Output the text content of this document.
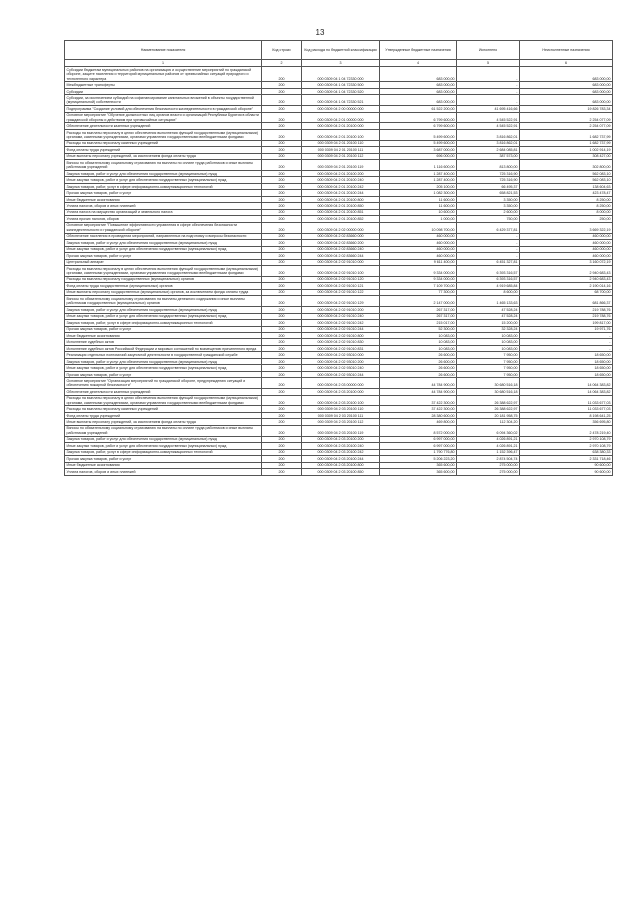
13
Наименование показателя	Код строки	Код расхода по бюджетной классификации	Утвержденные бюджетные назначения	Исполнено	Неисполненные назначения
1	2	3	4	5	6
Субсидии бюджетам муниципальных районов на организацию и осуществление мероприятий по гражданской обороне, защите населения и территорий муниципальных районов от чрезвычайных ситуаций природного и техногенного характера	200	000 0309 04 1 04 72330 000	683 000,00	-	683 000,00
Межбюджетные трансферты	200	000 0309 04 1 04 72330 500	683 000,00	-	683 000,00
Субсидии	200	000 0309 04 1 04 72330 520	683 000,00	-	683 000,00
Субсидии, за исключением субсидий на софинансирование капитальных вложений в объекты государственной (муниципальной) собственности	200	000 0309 04 1 04 72330 521	683 000,00	-	683 000,00
Подпрограмма "Создание условий для обеспечения безопасности жизнедеятельности в гражданской обороне"	200	000 0309 04 2 00 00000 000	61 522 200,00	41 695 416,66	19 826 783,34
Основное мероприятие "Обучение должностных лиц органов власти и организаций Республики Бурятия в области гражданской обороны и действиям при чрезвычайных ситуациях"	200	000 0309 04 2 01 00000 000	6 799 600,00	4 545 522,91	2 254 077,09
Обеспечение деятельности казенных учреждений	200	000 0309 04 2 01 20100 000	6 799 600,00	4 545 522,91	2 254 077,09
Расходы на выплаты персоналу в целях обеспечения выполнения функций государственными (муниципальными) органами, казенными учреждениями, органами управления государственными внебюджетными фондами	200	000 0309 04 2 01 20100 100	5 499 600,00	3 816 862,01	1 682 737,99
Расходы на выплаты персоналу казенных учреждений	200	000 0309 04 2 01 20100 110	5 499 600,00	3 816 862,01	1 682 737,99
Фонд оплаты труда учреждений	200	000 0309 04 2 01 20100 111	3 687 000,00	2 684 085,81	1 002 914,19
Иные выплаты персоналу учреждений, за исключением фонда оплаты труда	200	000 0309 04 2 01 20100 112	696 000,00	387 573,00	308 427,00
Взносы по обязательному социальному страхованию на выплаты по оплате труда работников и иные выплаты работникам учреждений	200	000 0309 04 2 01 20100 119	1 116 600,00	813 800,00	302 800,00
Закупка товаров, работ и услуг для обеспечения государственных (муниципальных) нужд	200	000 0309 04 2 01 20100 200	1 287 400,00	725 316,90	562 083,10
Иные закупки товаров, работ и услуг для обеспечения государственных (муниципальных) нужд	200	000 0309 04 2 01 20100 240	1 287 400,00	725 316,90	562 083,10
Закупка товаров, работ, услуг в сфере информационно-коммуникационных технологий	200	000 0309 04 2 01 20100 242	205 100,00	66 495,37	138 604,63
Прочая закупка товаров, работ и услуг	200	000 0309 04 2 01 20100 244	1 082 300,00	658 821,53	423 478,47
Иные бюджетные ассигнования	200	000 0309 04 2 01 20100 800	11 600,00	3 350,00	8 250,00
Уплата налогов, сборов и иных платежей	200	000 0309 04 2 01 20100 850	11 600,00	3 350,00	8 250,00
Уплата налога на имущество организаций и земельного налога	200	000 0309 04 2 01 20100 851	10 600,00	2 600,00	8 000,00
Уплата прочих налогов, сборов	200	000 0309 04 2 01 20100 852	1 000,00	750,00	250,00
Основное мероприятие "Повышение эффективности управления в сфере обеспечения безопасности жизнедеятельности и гражданской обороне"	200	000 0309 04 2 02 00000 000	10 098 700,00	6 429 377,81	3 669 322,19
Обеспечение населения в проведении мероприятий, направленных на подготовку и вопросы безопасности	200	000 0309 04 2 02 83660 000	460 000,00	-	460 000,00
Закупка товаров, работ и услуг для обеспечения государственных (муниципальных) нужд	200	000 0309 04 2 02 83660 200	460 000,00	-	460 000,00
Иные закупки товаров, работ и услуг для обеспечения государственных (муниципальных) нужд	200	000 0309 04 2 02 83660 240	460 000,00	-	460 000,00
Прочая закупка товаров, работ и услуг	200	000 0309 04 2 02 83660 244	460 000,00	-	460 000,00
Центральный аппарат	200	000 0309 04 2 02 91010 000	9 611 400,00	6 451 327,81	3 160 072,19
Расходы на выплаты персоналу в целях обеспечения выполнения функций государственными (муниципальными) органами, казенными учреждениями, органами управления государственными внебюджетными фондами	200	000 0309 04 2 02 91010 100	9 334 000,00	6 393 316,57	2 940 683,43
Расходы на выплаты персоналу государственных (муниципальных) органов	200	000 0309 04 2 02 91010 120	9 334 000,00	6 393 316,57	2 940 683,43
Фонд оплаты труда государственных (муниципальных) органов	200	000 0309 04 2 02 91010 121	7 109 700,00	4 919 685,84	2 190 014,16
Иные выплаты персоналу государственных (муниципальных) органов, за исключением фонда оплаты труда	200	000 0309 04 2 02 91010 122	77 300,00	8 600,00	68 700,00
Взносы по обязательному социальному страхованию на выплаты денежного содержания и иные выплаты работникам государственных (муниципальных) органов	200	000 0309 04 2 02 91010 129	2 147 000,00	1 465 133,63	681 866,37
Закупка товаров, работ и услуг для обеспечения государственных (муниципальных) нужд	200	000 0309 04 2 02 91010 200	267 317,00	47 528,24	219 788,76
Иные закупки товаров, работ и услуг для обеспечения государственных (муниципальных) нужд	200	000 0309 04 2 02 91010 240	267 317,00	47 528,24	219 788,76
Закупка товаров, работ, услуг в сфере информационно-коммуникационных технологий	200	000 0309 04 2 02 91010 242	215 017,00	15 200,00	199 817,00
Прочая закупка товаров, работ и услуг	200	000 0309 04 2 02 91010 244	52 300,00	32 328,24	19 971,76
Иные бюджетные ассигнования	200	000 0309 04 2 02 91010 800	10 083,00	10 083,00	-
Исполнение судебных актов	200	000 0309 04 2 02 91010 830	10 083,00	10 083,00	-
Исполнение судебных актов Российской Федерации и мировых соглашений по возмещению причиненного вреда	200	000 0309 04 2 02 91010 831	10 083,00	10 083,00	-
Реализация отдельных полномочий закупочной деятельности в государственной гражданской службе	200	000 0309 04 2 02 93010 000	26 600,00	7 950,00	18 650,00
Закупка товаров, работ и услуг для обеспечения государственных (муниципальных) нужд	200	000 0309 04 2 02 93010 200	26 600,00	7 950,00	18 650,00
Иные закупки товаров, работ и услуг для обеспечения государственных (муниципальных) нужд	200	000 0309 04 2 02 93010 240	26 600,00	7 950,00	18 650,00
Прочая закупка товаров, работ и услуг	200	000 0309 04 2 02 93010 244	26 600,00	7 950,00	18 650,00
Основное мероприятие "Организация мероприятий по гражданской обороне, предупреждению ситуаций и обеспечению пожарной безопасности"	200	000 0309 04 2 03 00000 000	44 784 900,00	30 680 516,18	14 064 383,82
Обеспечение деятельности казенных учреждений	200	000 0309 04 2 03 20100 000	44 784 900,00	30 680 516,18	14 064 383,82
Расходы на выплаты персоналу в целях обеспечения выполнения функций государственными (муниципальными) органами, казенными учреждениями, органами управления государственными внебюджетными фондами	200	000 0309 04 2 03 20100 100	37 422 300,00	26 388 622,97	11 033 677,03
Расходы на выплаты персоналу казенных учреждений	200	000 0309 04 2 03 20100 110	37 422 300,00	26 388 622,97	11 033 677,03
Фонд оплаты труда учреждений	200	000 0309 04 2 03 20100 111	28 380 600,00	20 181 958,75	8 198 641,25
Иные выплаты персоналу учреждений, за исключением фонда оплаты труда	200	000 0309 04 2 03 20100 112	469 800,00	112 304,20	356 695,80
Взносы по обязательному социальному страхованию на выплаты по оплате труда работников и иные выплаты работникам учреждений	200	000 0309 04 2 03 20100 119	8 572 000,00	6 094 360,02	2 478 219,40
Закупка товаров, работ и услуг для обеспечения государственных (муниципальных) нужд	200	000 0309 04 2 03 20100 200	6 997 000,00	4 026 891,21	2 970 108,79
Иные закупки товаров, работ и услуг для обеспечения государственных (муниципальных) нужд	200	000 0309 04 2 03 20100 240	6 997 000,00	4 026 891,21	2 970 108,79
Закупка товаров, работ, услуг в сфере информационно-коммуникационных технологий	200	000 0309 04 2 03 20100 242	1 790 776,80	1 152 396,47	638 380,33
Прочая закупка товаров, работ и услуг	200	000 0309 04 2 03 20100 244	5 206 223,20	2 874 504,74	2 331 718,46
Иные бюджетные ассигнования	200	000 0309 04 2 03 20100 800	365 600,00	275 000,00	90 600,00
Уплата налогов, сборов и иных платежей	200	000 0309 04 2 03 20100 850	365 600,00	275 000,00	90 600,00
